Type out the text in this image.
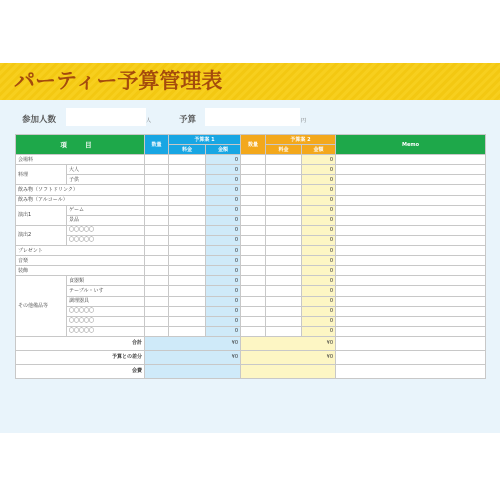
パーティー予算管理表
参加人数	人	予算	円
項 目		数量	予算案 1		数量	予算案 2		Memo
			料金	金額		料金	金額	
会場料				0			0	
料理	大人			0			0	
	子供			0			0	
飲み物（ソフトドリンク）				0			0	
飲み物（アルコール）				0			0	
演出1	ゲーム			0			0	
	景品			0			0	
演出2	〇〇〇〇〇			0			0	
	〇〇〇〇〇			0			0	
プレゼント				0			0	
音楽				0			0	
装飾				0			0	
その他備品等	食器類			0			0	
	テーブル・いす			0			0	
	調理器具			0			0	
	〇〇〇〇〇			0			0	
	〇〇〇〇〇			0			0	
	〇〇〇〇〇			0			0	
合計		¥0			¥0			
予算との差分		¥0			¥0			
会費								
